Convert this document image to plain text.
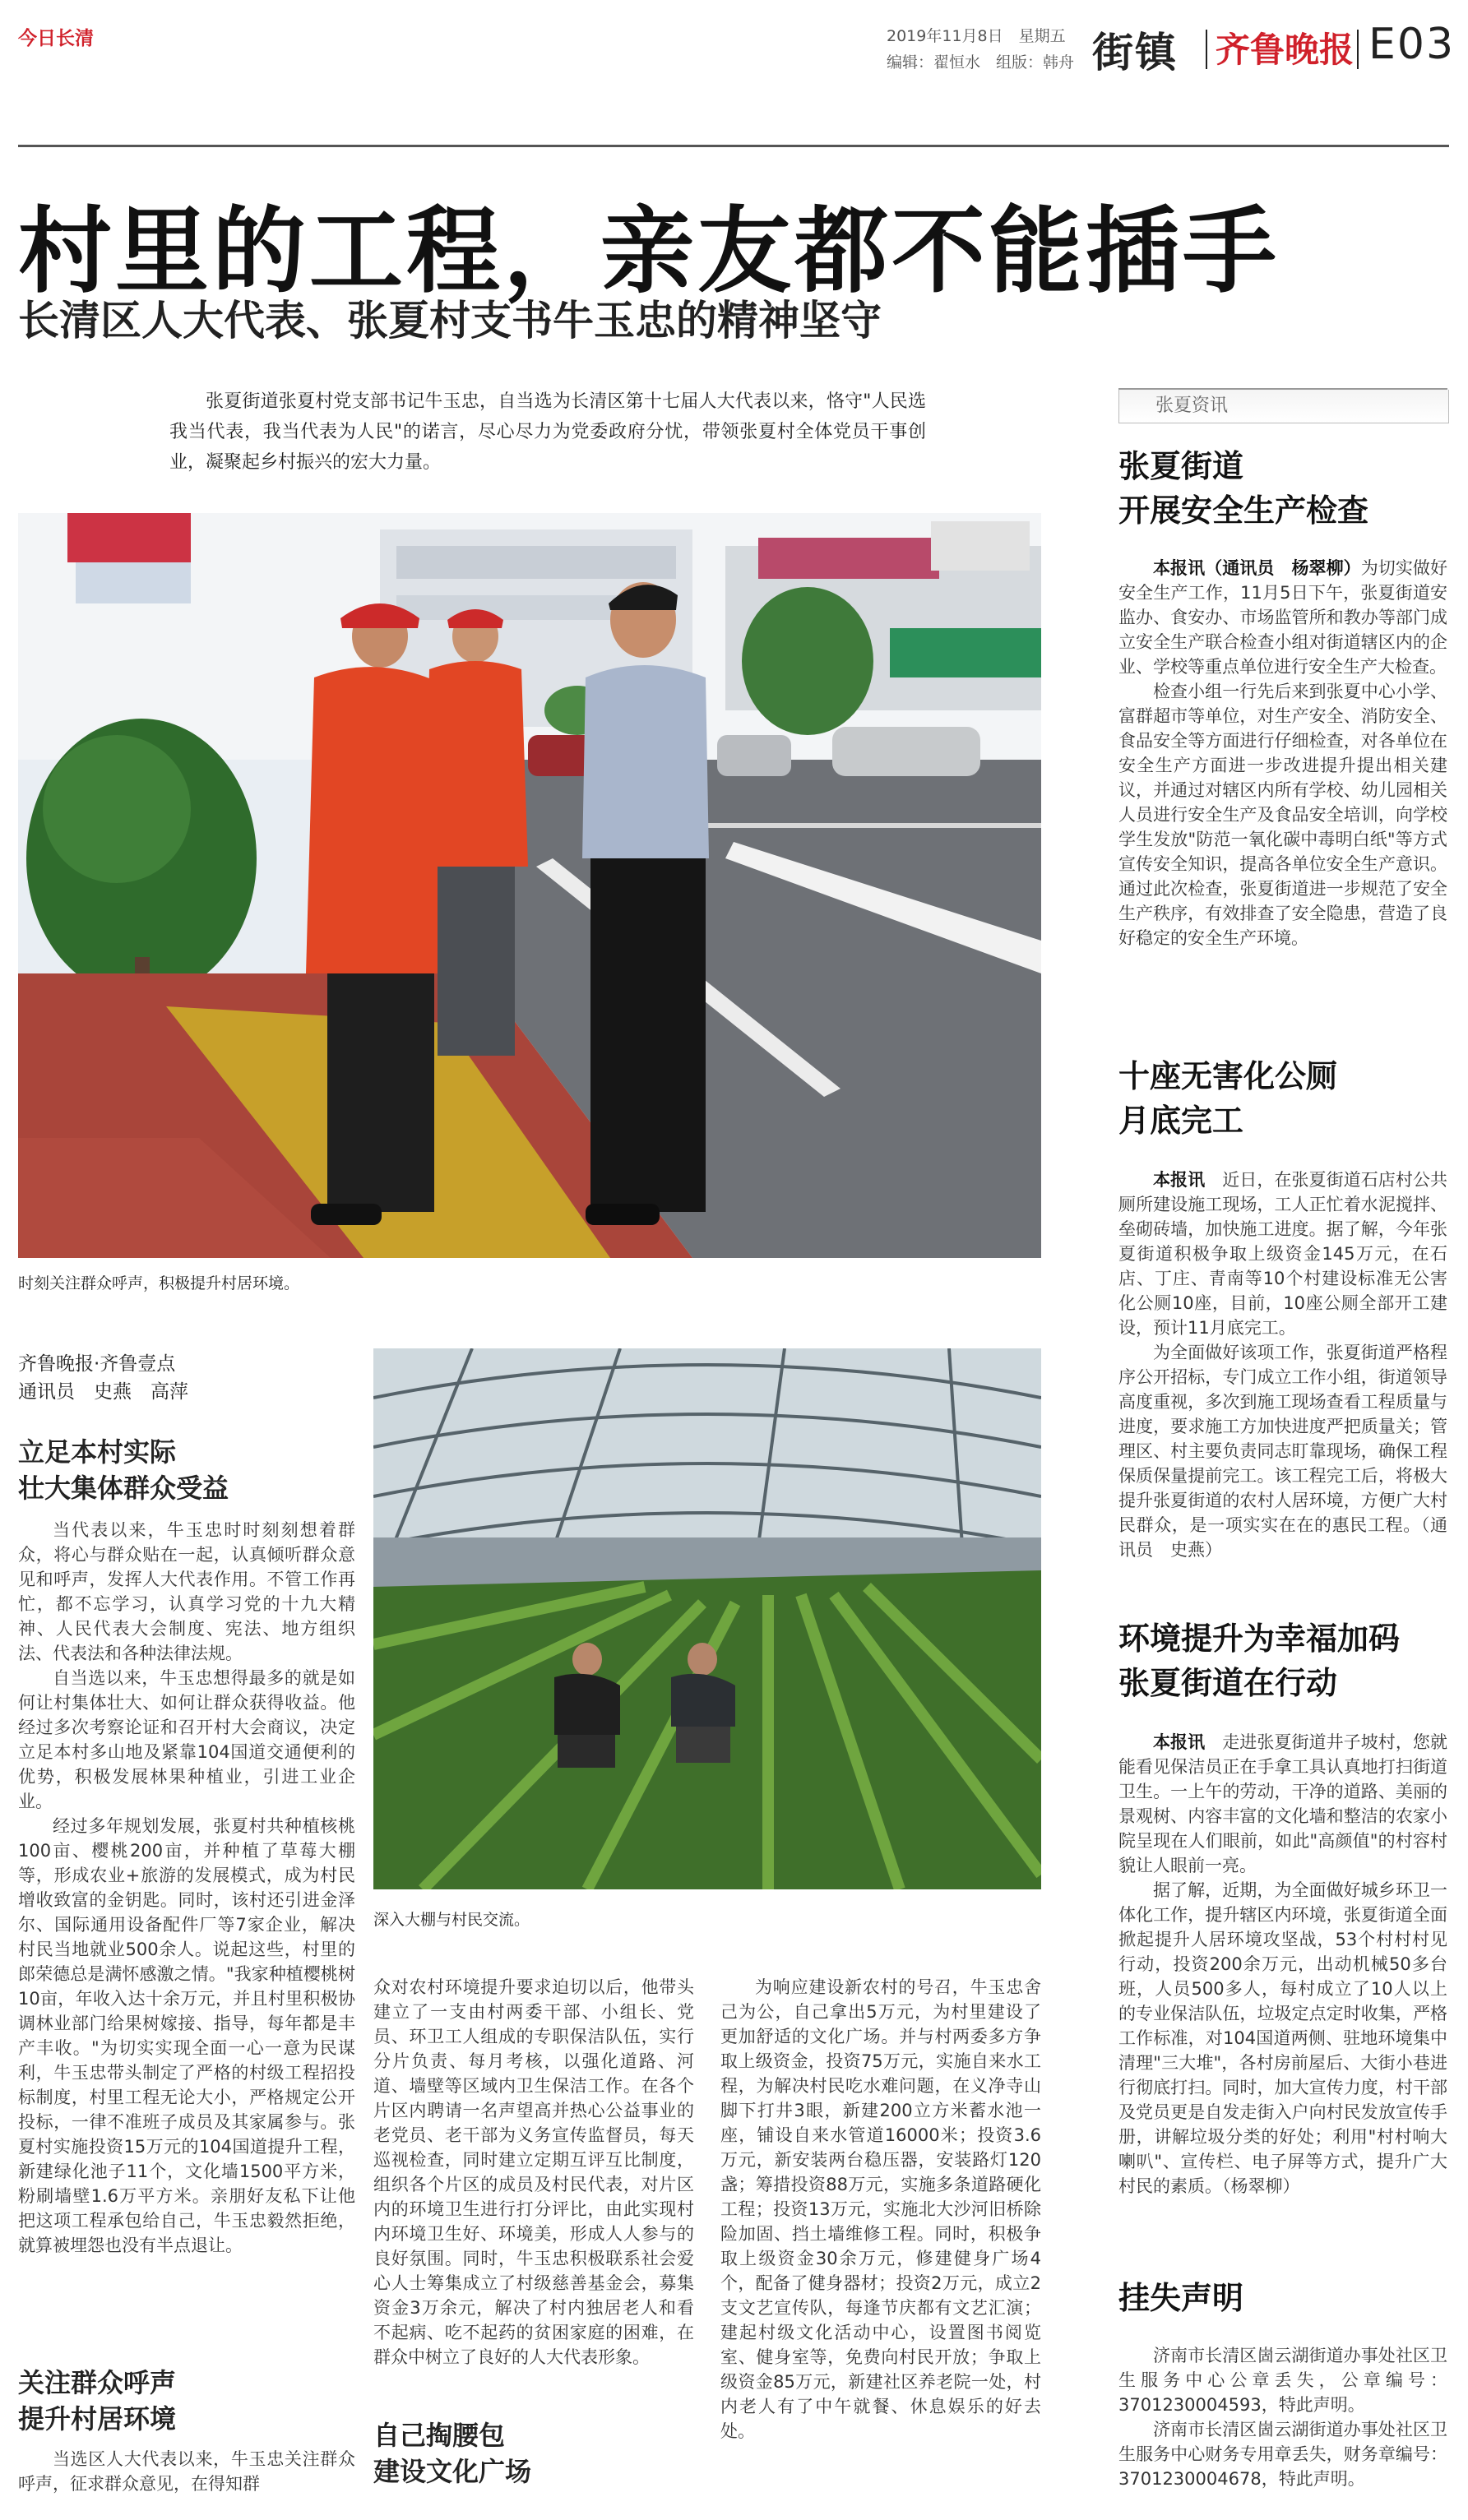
今日长清	2019年11月8日　星期五
编辑：翟恒水　组版：韩舟 街镇 齐鲁晚报 E03
村里的工程，亲友都不能插手
长清区人大代表、张夏村支书牛玉忠的精神坚守
张夏街道张夏村党支部书记牛玉忠，自当选为长清区第十七届人大代表以来，恪守"人民选我当代表，我当代表为人民"的诺言，尽心尽力为党委政府分忧，带领张夏村全体党员干事创业，凝聚起乡村振兴的宏大力量。
时刻关注群众呼声，积极提升村居环境。
深入大棚与村民交流。
齐鲁晚报·齐鲁壹点
通讯员　史燕　高萍
立足本村实际
壮大集体群众受益

当代表以来，牛玉忠时时刻刻想着群众，将心与群众贴在一起，认真倾听群众意见和呼声，发挥人大代表作用。不管工作再忙，都不忘学习，认真学习党的十九大精神、人民代表大会制度、宪法、地方组织法、代表法和各种法律法规。

自当选以来，牛玉忠想得最多的就是如何让村集体壮大、如何让群众获得收益。他经过多次考察论证和召开村大会商议，决定立足本村多山地及紧靠104国道交通便利的优势，积极发展林果种植业，引进工业企业。

经过多年规划发展，张夏村共种植核桃100亩、樱桃200亩，并种植了草莓大棚等，形成农业+旅游的发展模式，成为村民增收致富的金钥匙。同时，该村还引进金泽尔、国际通用设备配件厂等7家企业，解决村民当地就业500余人。说起这些，村里的郎荣德总是满怀感激之情。"我家种植樱桃树10亩，年收入达十余万元，并且村里积极协调林业部门给果树嫁接、指导，每年都是丰产丰收。"为切实实现全面一心一意为民谋利，牛玉忠带头制定了严格的村级工程招投标制度，村里工程无论大小，严格规定公开投标，一律不准班子成员及其家属参与。张夏村实施投资15万元的104国道提升工程，新建绿化池子11个，文化墙1500平方米，粉刷墙壁1.6万平方米。亲朋好友私下让他把这项工程承包给自己，牛玉忠毅然拒绝，就算被埋怨也没有半点退让。

关注群众呼声
提升村居环境

当选区人大代表以来，牛玉忠关注群众呼声，征求群众意见，在得知群

众对农村环境提升要求迫切以后，他带头建立了一支由村两委干部、小组长、党员、环卫工人组成的专职保洁队伍，实行分片负责、每月考核，以强化道路、河道、墙壁等区域内卫生保洁工作。在各个片区内聘请一名声望高并热心公益事业的老党员、老干部为义务宣传监督员，每天巡视检查，同时建立定期互评互比制度，组织各个片区的成员及村民代表，对片区内的环境卫生进行打分评比，由此实现村内环境卫生好、环境美，形成人人参与的良好氛围。同时，牛玉忠积极联系社会爱心人士筹集成立了村级慈善基金会，募集资金3万余元，解决了村内独居老人和看不起病、吃不起药的贫困家庭的困难，在群众中树立了良好的人大代表形象。

自己掏腰包
建设文化广场

为响应建设新农村的号召，牛玉忠舍己为公，自己拿出5万元，为村里建设了更加舒适的文化广场。并与村两委多方争取上级资金，投资75万元，实施自来水工程，为解决村民吃水难问题，在义净寺山脚下打井3眼，新建200立方米蓄水池一座，铺设自来水管道16000米；投资3.6万元，新安装两台稳压器，安装路灯120盏；筹措投资88万元，实施多条道路硬化工程；投资13万元，实施北大沙河旧桥除险加固、挡土墙维修工程。同时，积极争取上级资金30余万元，修建健身广场4个，配备了健身器材；投资2万元，成立2支文艺宣传队，每逢节庆都有文艺汇演；建起村级文化活动中心，设置图书阅览室、健身室等，免费向村民开放；争取上级资金85万元，新建社区养老院一处，村内老人有了中午就餐、休息娱乐的好去处。

张夏资讯
张夏街道
开展安全生产检查

本报讯（通讯员　杨翠柳）为切实做好安全生产工作，11月5日下午，张夏街道安监办、食安办、市场监管所和教办等部门成立安全生产联合检查小组对街道辖区内的企业、学校等重点单位进行安全生产大检查。

检查小组一行先后来到张夏中心小学、富群超市等单位，对生产安全、消防安全、食品安全等方面进行仔细检查，对各单位在安全生产方面进一步改进提升提出相关建议，并通过对辖区内所有学校、幼儿园相关人员进行安全生产及食品安全培训，向学校学生发放"防范一氧化碳中毒明白纸"等方式宣传安全知识，提高各单位安全生产意识。通过此次检查，张夏街道进一步规范了安全生产秩序，有效排查了安全隐患，营造了良好稳定的安全生产环境。

十座无害化公厕
月底完工

本报讯　 近日，在张夏街道石店村公共厕所建设施工现场，工人正忙着水泥搅拌、垒砌砖墙，加快施工进度。据了解，今年张夏街道积极争取上级资金145万元，在石店、丁庄、青南等10个村建设标准无公害化公厕10座，目前，10座公厕全部开工建设，预计11月底完工。

为全面做好该项工作，张夏街道严格程序公开招标，专门成立工作小组，街道领导高度重视，多次到施工现场查看工程质量与进度，要求施工方加快进度严把质量关；管理区、村主要负责同志盯靠现场，确保工程保质保量提前完工。该工程完工后，将极大提升张夏街道的农村人居环境，方便广大村民群众，是一项实实在在的惠民工程。（通讯员　史燕）

环境提升为幸福加码
张夏街道在行动

本报讯　 走进张夏街道井子坡村，您就能看见保洁员正在手拿工具认真地打扫街道卫生。一上午的劳动，干净的道路、美丽的景观树、内容丰富的文化墙和整洁的农家小院呈现在人们眼前，如此"高颜值"的村容村貌让人眼前一亮。

据了解，近期，为全面做好城乡环卫一体化工作，提升辖区内环境，张夏街道全面掀起提升人居环境攻坚战，53个村村村见行动，投资200余万元，出动机械50多台班，人员500多人，每村成立了10人以上的专业保洁队伍，垃圾定点定时收集，严格工作标准，对104国道两侧、驻地环境集中清理"三大堆"，各村房前屋后、大街小巷进行彻底打扫。同时，加大宣传力度，村干部及党员更是自发走街入户向村民发放宣传手册，讲解垃圾分类的好处；利用"村村响大喇叭"、宣传栏、电子屏等方式，提升广大村民的素质。（杨翠柳）

挂失声明

济南市长清区崮云湖街道办事处社区卫生服务中心公章丢失，公章编号：3701230004593，特此声明。

济南市长清区崮云湖街道办事处社区卫生服务中心财务专用章丢失，财务章编号：3701230004678，特此声明。
